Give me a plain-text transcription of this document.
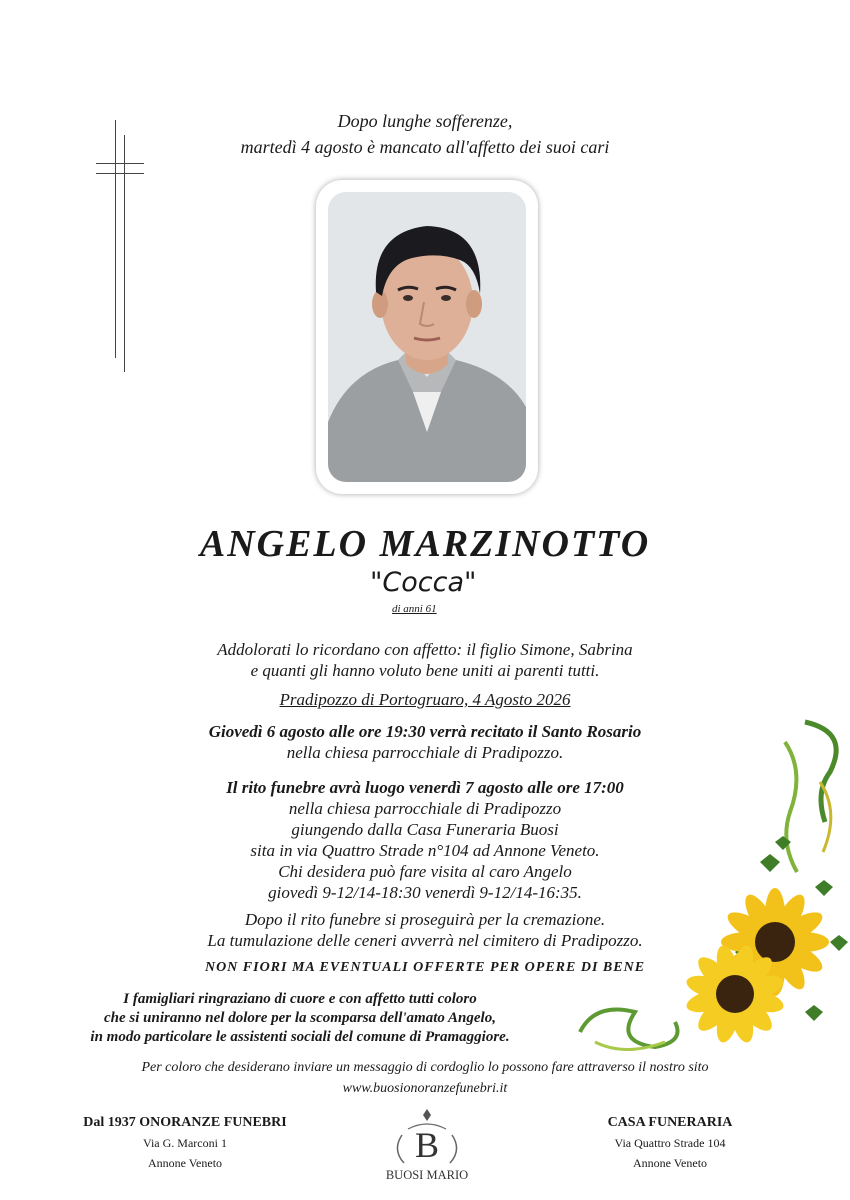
Dopo lunghe sofferenze,
martedì 4 agosto è mancato all'affetto dei suoi cari
ANGELO MARZINOTTO
"Cocca"
di anni 61
Addolorati lo ricordano con affetto: il figlio Simone, Sabrina
e quanti gli hanno voluto bene uniti ai parenti tutti.
Pradipozzo di Portogruaro, 4 Agosto 2026
Giovedì 6 agosto alle ore 19:30 verrà recitato il Santo Rosario
nella chiesa parrocchiale di Pradipozzo.
Il rito funebre avrà luogo venerdì 7 agosto alle ore 17:00
nella chiesa parrocchiale di Pradipozzo
giungendo dalla Casa Funeraria Buosi
sita in via Quattro Strade n°104 ad Annone Veneto.
Chi desidera può fare visita al caro Angelo
giovedì 9-12/14-18:30 venerdì 9-12/14-16:35.
Dopo il rito funebre si proseguirà per la cremazione.
La tumulazione delle ceneri avverrà nel cimitero di Pradipozzo.
NON FIORI MA EVENTUALI OFFERTE PER OPERE DI BENE
I famigliari ringraziano di cuore e con affetto tutti coloro
che si uniranno nel dolore per la scomparsa dell'amato Angelo,
in modo particolare le assistenti sociali del comune di Pramaggiore.
Per coloro che desiderano inviare un messaggio di cordoglio lo possono fare attraverso il nostro sito
www.buosionoranzefunebri.it
Dal 1937 ONORANZE FUNEBRI
Via G. Marconi 1
Annone Veneto	B
BUOSI MARIO
CASA FUNERARIA
Via Quattro Strade 104
Annone Veneto
